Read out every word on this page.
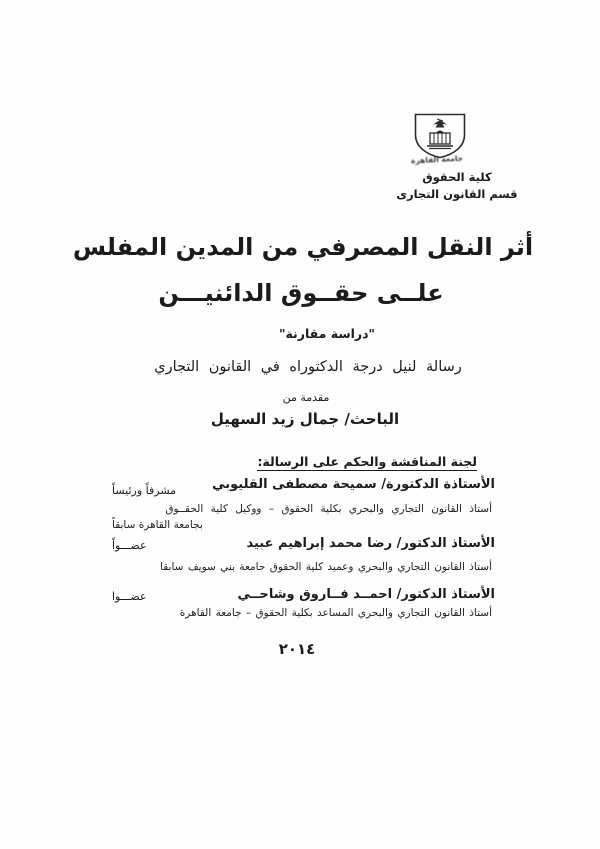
جامعة القاهرة
كلية الحقوق
قسم القانون التجارى
أثر النقل المصرفي من المدين المفلس
علــى حقــوق الدائنيـــن
"دراسة مقارنة"
رسالة لنيل درجة الدكتوراه في القانون التجاري
مقدمة من
الباحث/ جمال زيد السهيل
لجنة المناقشة والحكم على الرسالة:
الأستاذة الدكتورة/ سميحة مصطفى القليوبي
مشرفاً ورئيساً
أستاذ القانون التجاري والبحري بكلية الحقوق – ووكيل كلية الحقــوق
بجامعة القاهرة سابقاً
الأستاذ الدكتور/ رضا محمد إبراهيم عبيد
عضـــواً
أستاذ القانون التجاري والبحري وعميد كلية الحقوق جامعة بني سويف سابقا
الأستاذ الدكتور/ احمــد فــاروق وشاحــي
عضـــوا
أستاذ القانون التجاري والبحري المساعد بكلية الحقوق – جامعة القاهرة
٢٠١٤
